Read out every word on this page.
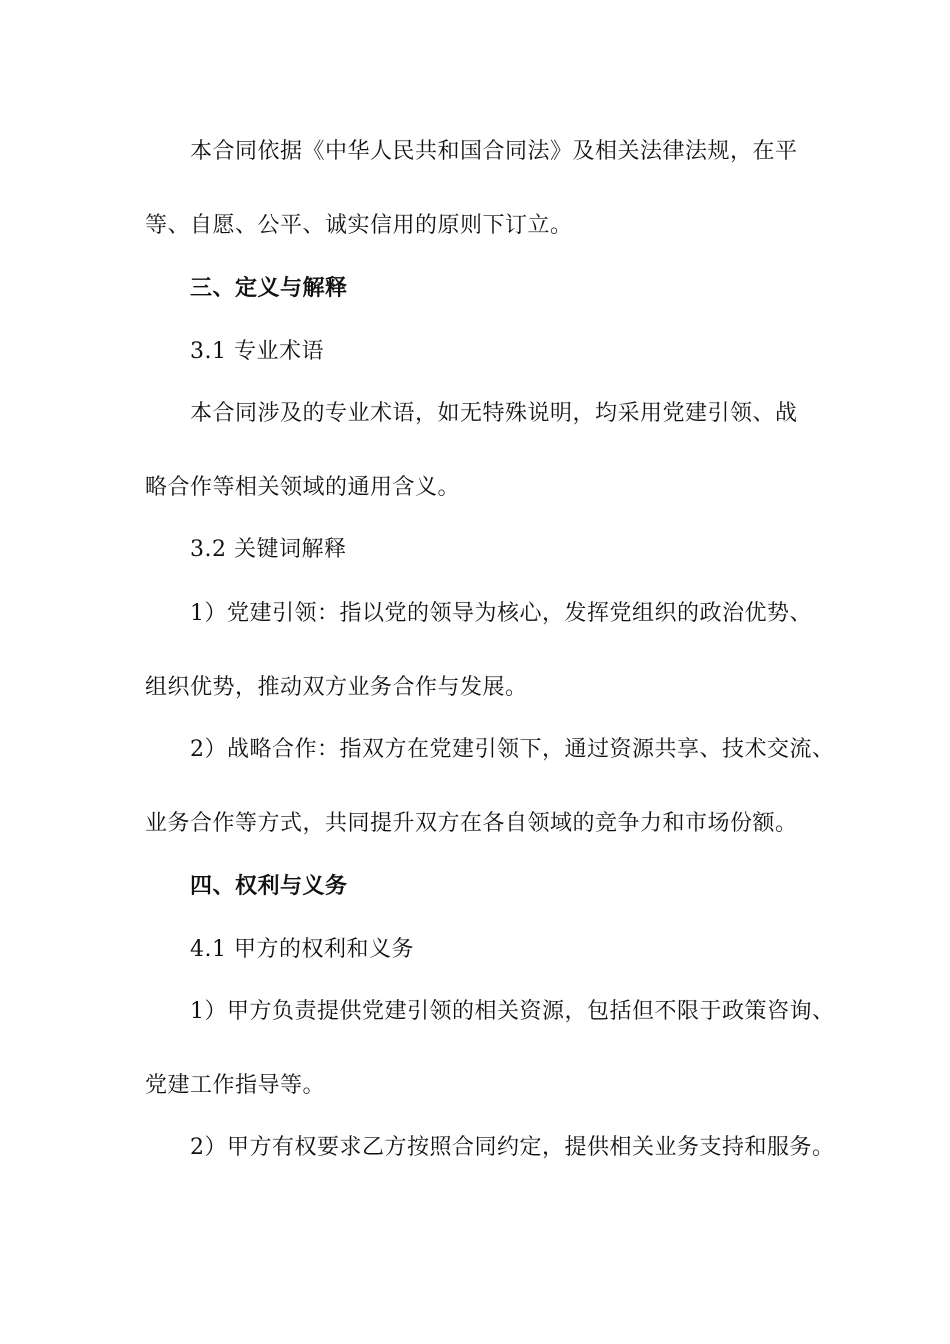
本合同依据《中华人民共和国合同法》及相关法律法规，在平

等、自愿、公平、诚实信用的原则下订立。

三、定义与解释

3.1 专业术语

本合同涉及的专业术语，如无特殊说明，均采用党建引领、战

略合作等相关领域的通用含义。

3.2 关键词解释

1）党建引领：指以党的领导为核心，发挥党组织的政治优势、

组织优势，推动双方业务合作与发展。

2）战略合作：指双方在党建引领下，通过资源共享、技术交流、

业务合作等方式，共同提升双方在各自领域的竞争力和市场份额。

四、权利与义务

4.1 甲方的权利和义务

1）甲方负责提供党建引领的相关资源，包括但不限于政策咨询、

党建工作指导等。

2）甲方有权要求乙方按照合同约定，提供相关业务支持和服务。
